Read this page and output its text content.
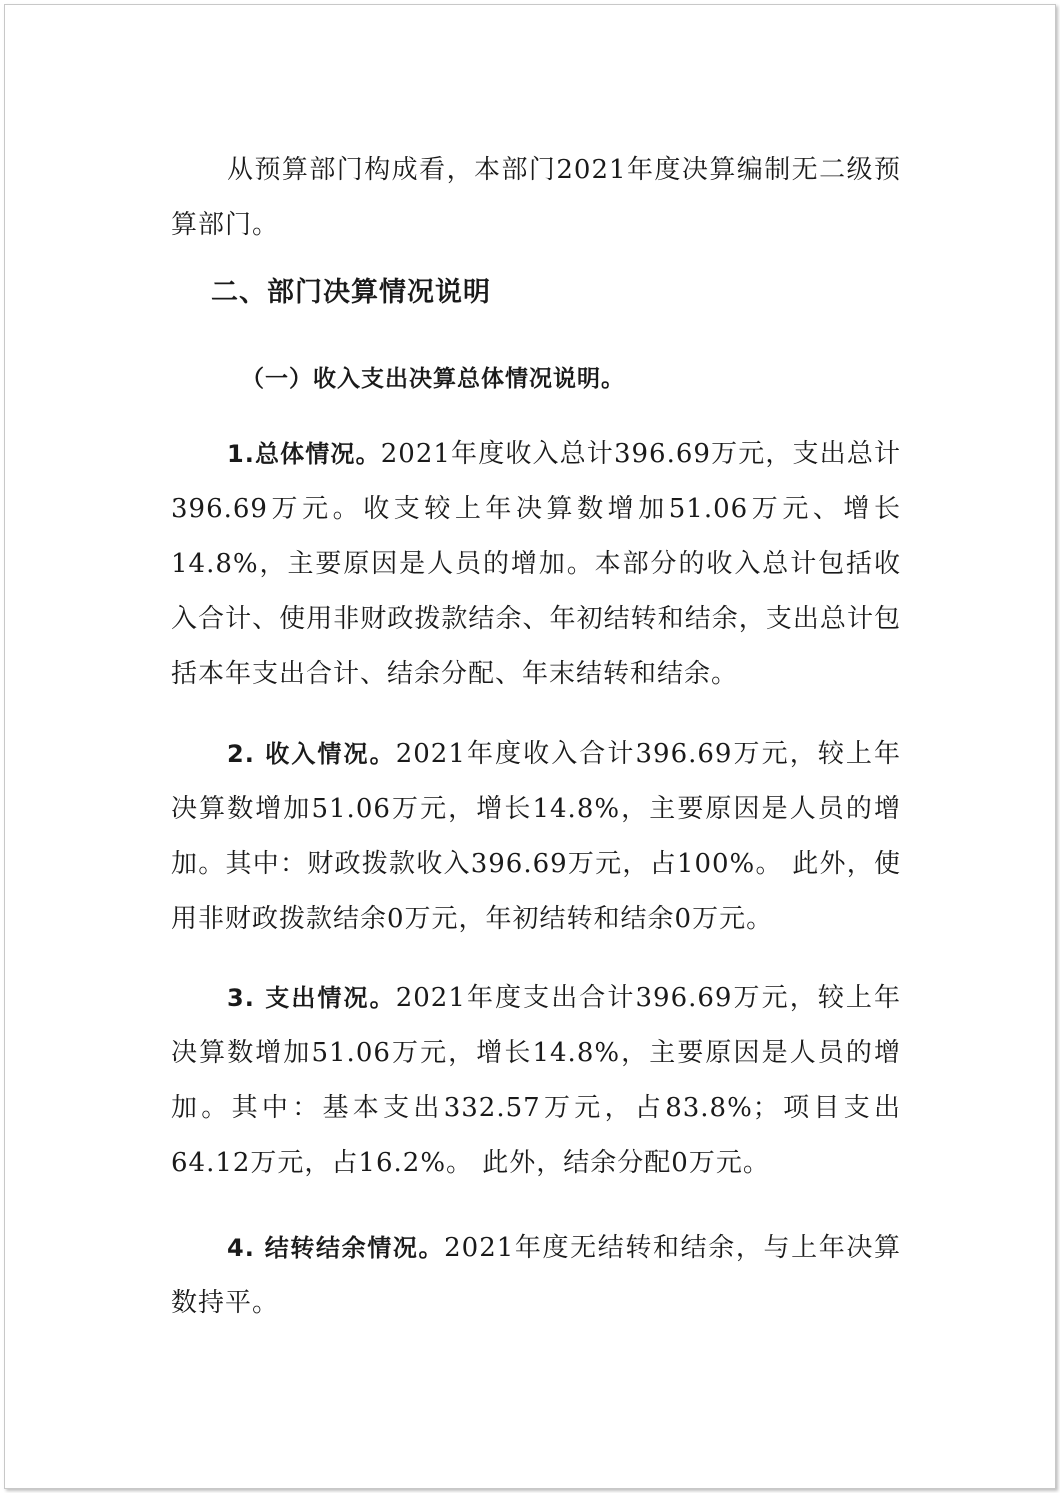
从预算部门构成看，本部门2021年度决算编制无二级预算部门。

二、部门决算情况说明
（一）收入支出决算总体情况说明。

1.总体情况。2021年度收入总计396.69万元，支出总计396.69万元。收支较上年决算数增加51.06万元、增长14.8%，主要原因是人员的增加。本部分的收入总计包括收入合计、使用非财政拨款结余、年初结转和结余，支出总计包括本年支出合计、结余分配、年末结转和结余。

2. 收入情况。2021年度收入合计396.69万元，较上年决算数增加51.06万元，增长14.8%，主要原因是人员的增加。其中：财政拨款收入396.69万元，占100%。 此外，使用非财政拨款结余0万元，年初结转和结余0万元。

3. 支出情况。2021年度支出合计396.69万元，较上年决算数增加51.06万元，增长14.8%，主要原因是人员的增加。其中：基本支出332.57万元，占83.8%；项目支出64.12万元，占16.2%。 此外，结余分配0万元。

4. 结转结余情况。2021年度无结转和结余，与上年决算数持平。
